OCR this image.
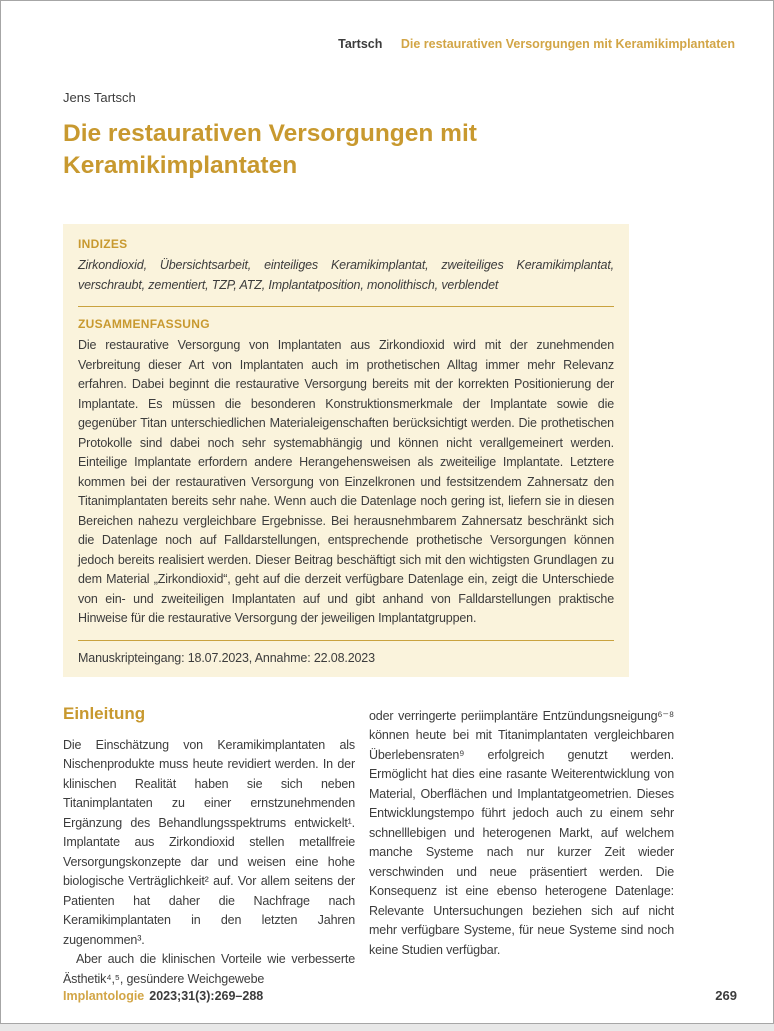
Tartsch Die restaurativen Versorgungen mit Keramikimplantaten
Jens Tartsch
Die restaurativen Versorgungen mit Keramikimplantaten
INDIZES

Zirkondioxid, Übersichtsarbeit, einteiliges Keramikimplantat, zweiteiliges Keramikimplantat, verschraubt, zementiert, TZP, ATZ, Implantatposition, monolithisch, verblendet

ZUSAMMENFASSUNG

Die restaurative Versorgung von Implantaten aus Zirkondioxid wird mit der zunehmenden Verbreitung dieser Art von Implantaten auch im prothetischen Alltag immer mehr Relevanz erfahren. Dabei beginnt die restaurative Versorgung bereits mit der korrekten Positionierung der Implantate. Es müssen die besonderen Konstruktionsmerkmale der Implantate sowie die gegenüber Titan unterschiedlichen Materialeigenschaften berücksichtigt werden. Die prothetischen Protokolle sind dabei noch sehr systemabhängig und können nicht verallgemeinert werden. Einteilige Implantate erfordern andere Herangehensweisen als zweiteilige Implantate. Letztere kommen bei der restaurativen Versorgung von Einzelkronen und festsitzendem Zahnersatz den Titanimplantaten bereits sehr nahe. Wenn auch die Datenlage noch gering ist, liefern sie in diesen Bereichen nahezu vergleichbare Ergebnisse. Bei herausnehmbarem Zahnersatz beschränkt sich die Datenlage noch auf Falldarstellungen, entsprechende prothetische Versorgungen können jedoch bereits realisiert werden. Dieser Beitrag beschäftigt sich mit den wichtigsten Grundlagen zu dem Material „Zirkondioxid“, geht auf die derzeit verfügbare Datenlage ein, zeigt die Unterschiede von ein- und zweiteiligen Implantaten auf und gibt anhand von Falldarstellungen praktische Hinweise für die restaurative Versorgung der jeweiligen Implantatgruppen.

Manuskripteingang: 18.07.2023, Annahme: 22.08.2023

Einleitung

Die Einschätzung von Keramikimplantaten als Nischenprodukte muss heute revidiert werden. In der klinischen Realität haben sie sich neben Titanimplantaten zu einer ernstzunehmenden Ergänzung des Behandlungsspektrums entwickelt¹. Implantate aus Zirkondioxid stellen metallfreie Versorgungskonzepte dar und weisen eine hohe biologische Verträglichkeit² auf. Vor allem seitens der Patienten hat daher die Nachfrage nach Keramikimplantaten in den letzten Jahren zugenommen³.

Aber auch die klinischen Vorteile wie verbesserte Ästhetik⁴,⁵, gesündere Weichgewebe

oder verringerte periimplantäre Entzündungsneigung⁶⁻⁸ können heute bei mit Titanimplantaten vergleichbaren Überlebensraten⁹ erfolgreich genutzt werden. Ermöglicht hat dies eine rasante Weiterentwicklung von Material, Oberflächen und Implantatgeometrien. Dieses Entwicklungstempo führt jedoch auch zu einem sehr schnelllebigen und heterogenen Markt, auf welchem manche Systeme nach nur kurzer Zeit wieder verschwinden und neue präsentiert werden. Die Konsequenz ist eine ebenso heterogene Datenlage: Relevante Untersuchungen beziehen sich auf nicht mehr verfügbare Systeme, für neue Systeme sind noch keine Studien verfügbar.

Implantologie 2023;31(3):269–288	269
